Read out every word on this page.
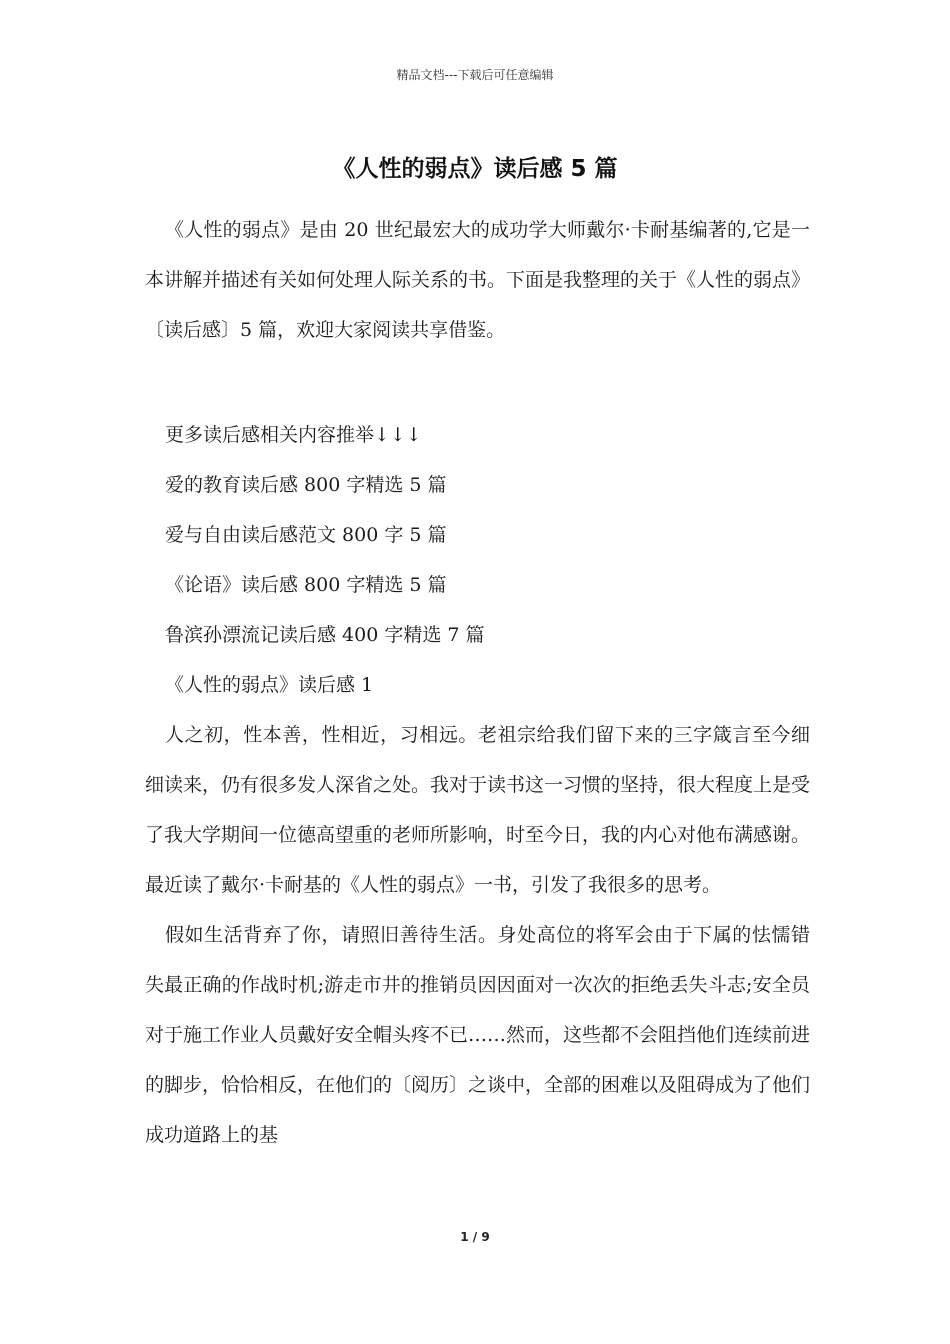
精品文档---下载后可任意编辑
《人性的弱点》读后感 5 篇

《人性的弱点》是由 20 世纪最宏大的成功学大师戴尔·卡耐基编著的,它是一本讲解并描述有关如何处理人际关系的书。下面是我整理的关于《人性的弱点》〔读后感〕5 篇，欢迎大家阅读共享借鉴。

更多读后感相关内容推举↓↓↓

爱的教育读后感 800 字精选 5 篇

爱与自由读后感范文 800 字 5 篇

《论语》读后感 800 字精选 5 篇

鲁滨孙漂流记读后感 400 字精选 7 篇

《人性的弱点》读后感 1

人之初，性本善，性相近，习相远。老祖宗给我们留下来的三字箴言至今细细读来，仍有很多发人深省之处。我对于读书这一习惯的坚持，很大程度上是受了我大学期间一位德高望重的老师所影响，时至今日，我的内心对他布满感谢。最近读了戴尔·卡耐基的《人性的弱点》一书，引发了我很多的思考。

假如生活背弃了你，请照旧善待生活。身处高位的将军会由于下属的怯懦错失最正确的作战时机;游走市井的推销员因因面对一次次的拒绝丢失斗志;安全员对于施工作业人员戴好安全帽头疼不已……然而，这些都不会阻挡他们连续前进的脚步，恰恰相反，在他们的〔阅历〕之谈中，全部的困难以及阻碍成为了他们成功道路上的基

1 / 9
